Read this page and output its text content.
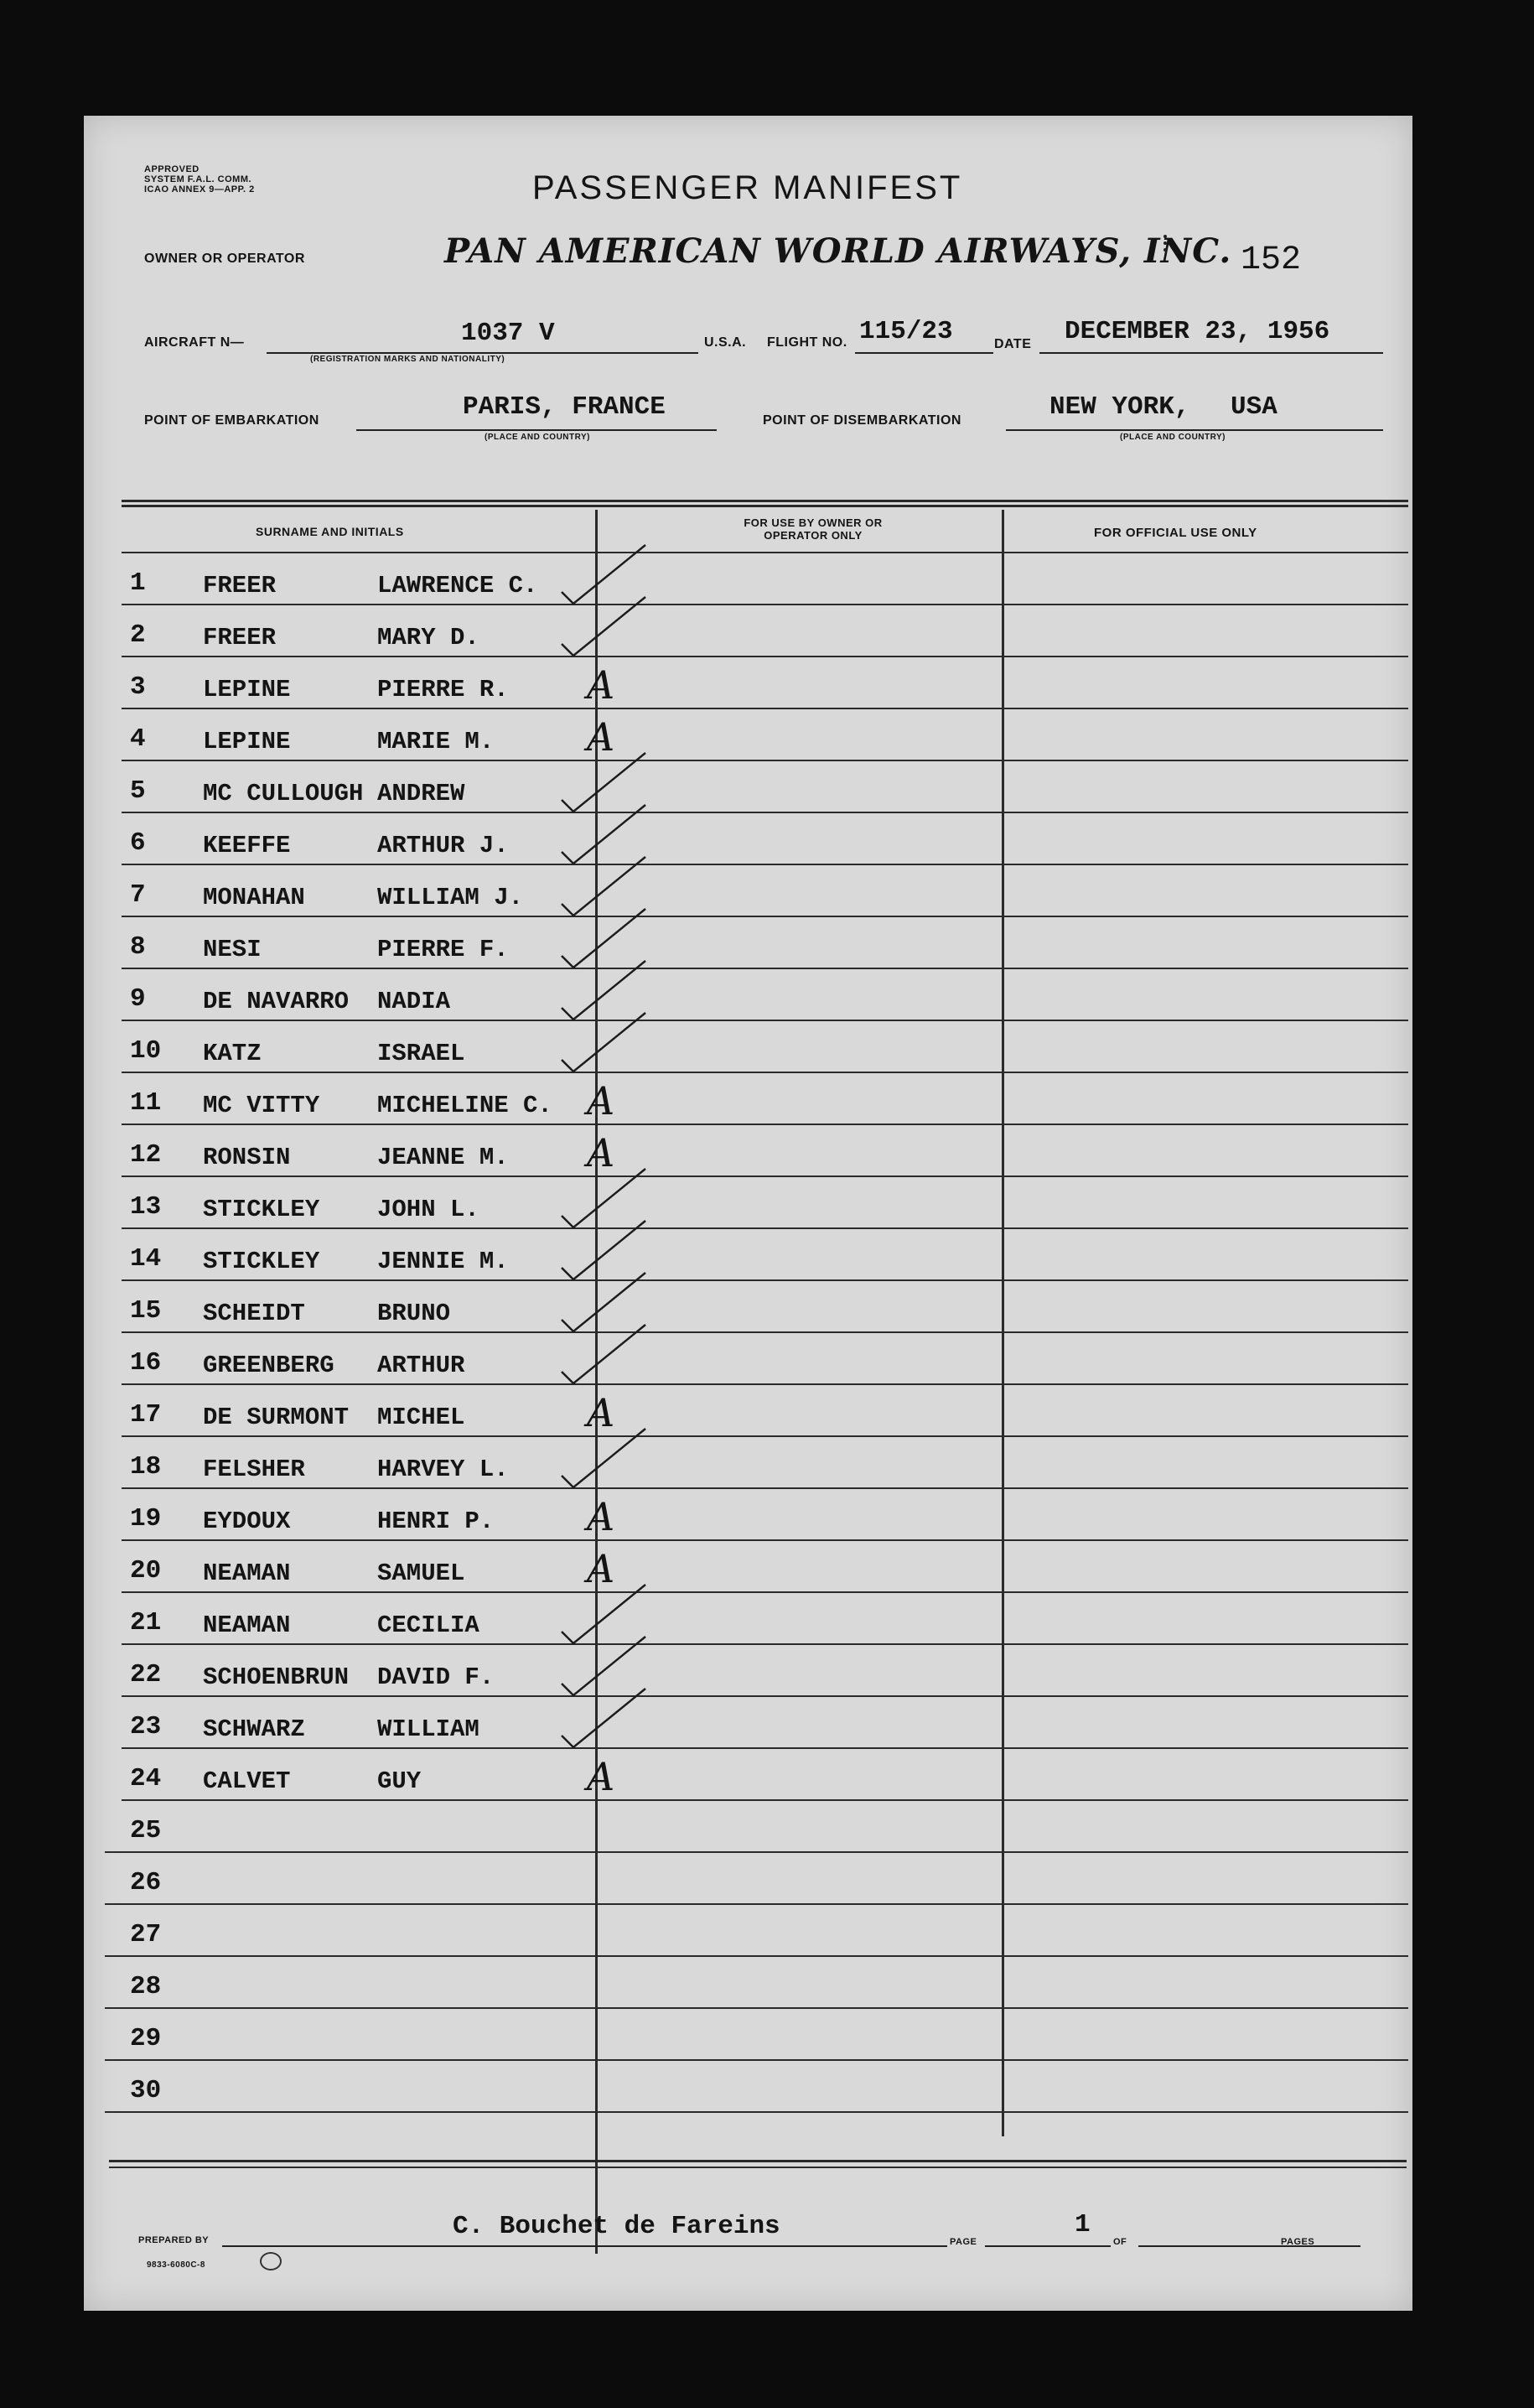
APPROVED
SYSTEM F.A.L. COMM.
ICAO ANNEX 9—APP. 2	PASSENGER MANIFEST
OWNER OR OPERATOR	PAN AMERICAN WORLD AIRWAYS, INC. 152
AIRCRAFT N—	1037 V
(REGISTRATION MARKS AND NATIONALITY)
U.S.A. FLIGHT NO. 115/23	DATE DECEMBER 23, 1956
POINT OF EMBARKATION	PARIS, FRANCE
(PLACE AND COUNTRY)
POINT OF DISEMBARKATION	NEW YORK, USA
(PLACE AND COUNTRY)
SURNAME AND INITIALS
FOR USE BY OWNER OR OPERATOR ONLY	FOR OFFICIAL USE ONLY
1 FREER	LAWRENCE C.
2 FREER	MARY D.
3 LEPINE	PIERRE R. A
4 LEPINE	MARIE M. A
5 MC CULLOUGH ANDREW
6 KEEFFE	ARTHUR J.
7 MONAHAN	WILLIAM J.
8 NESI	PIERRE F.
9 DE NAVARRO NADIA
10 KATZ	ISRAEL
11 MC VITTY MICHELINE C. A
12 RONSIN	JEANNE M. A
13 STICKLEY JOHN L.
14 STICKLEY JENNIE M.
15 SCHEIDT	BRUNO
16 GREENBERG ARTHUR
17 DE SURMONT MICHEL	A
18 FELSHER	HARVEY L.
19 EYDOUX	HENRI P. A
20 NEAMAN	SAMUEL	A
21 NEAMAN	CECILIA
22 SCHOENBRUN DAVID F.
23 SCHWARZ	WILLIAM
24 CALVET	GUY	A
25
26
27
28
29
30
PREPARED BY	C. Bouchet de Fareins
PAGE
1
OF	PAGES
9833-6080C-8
